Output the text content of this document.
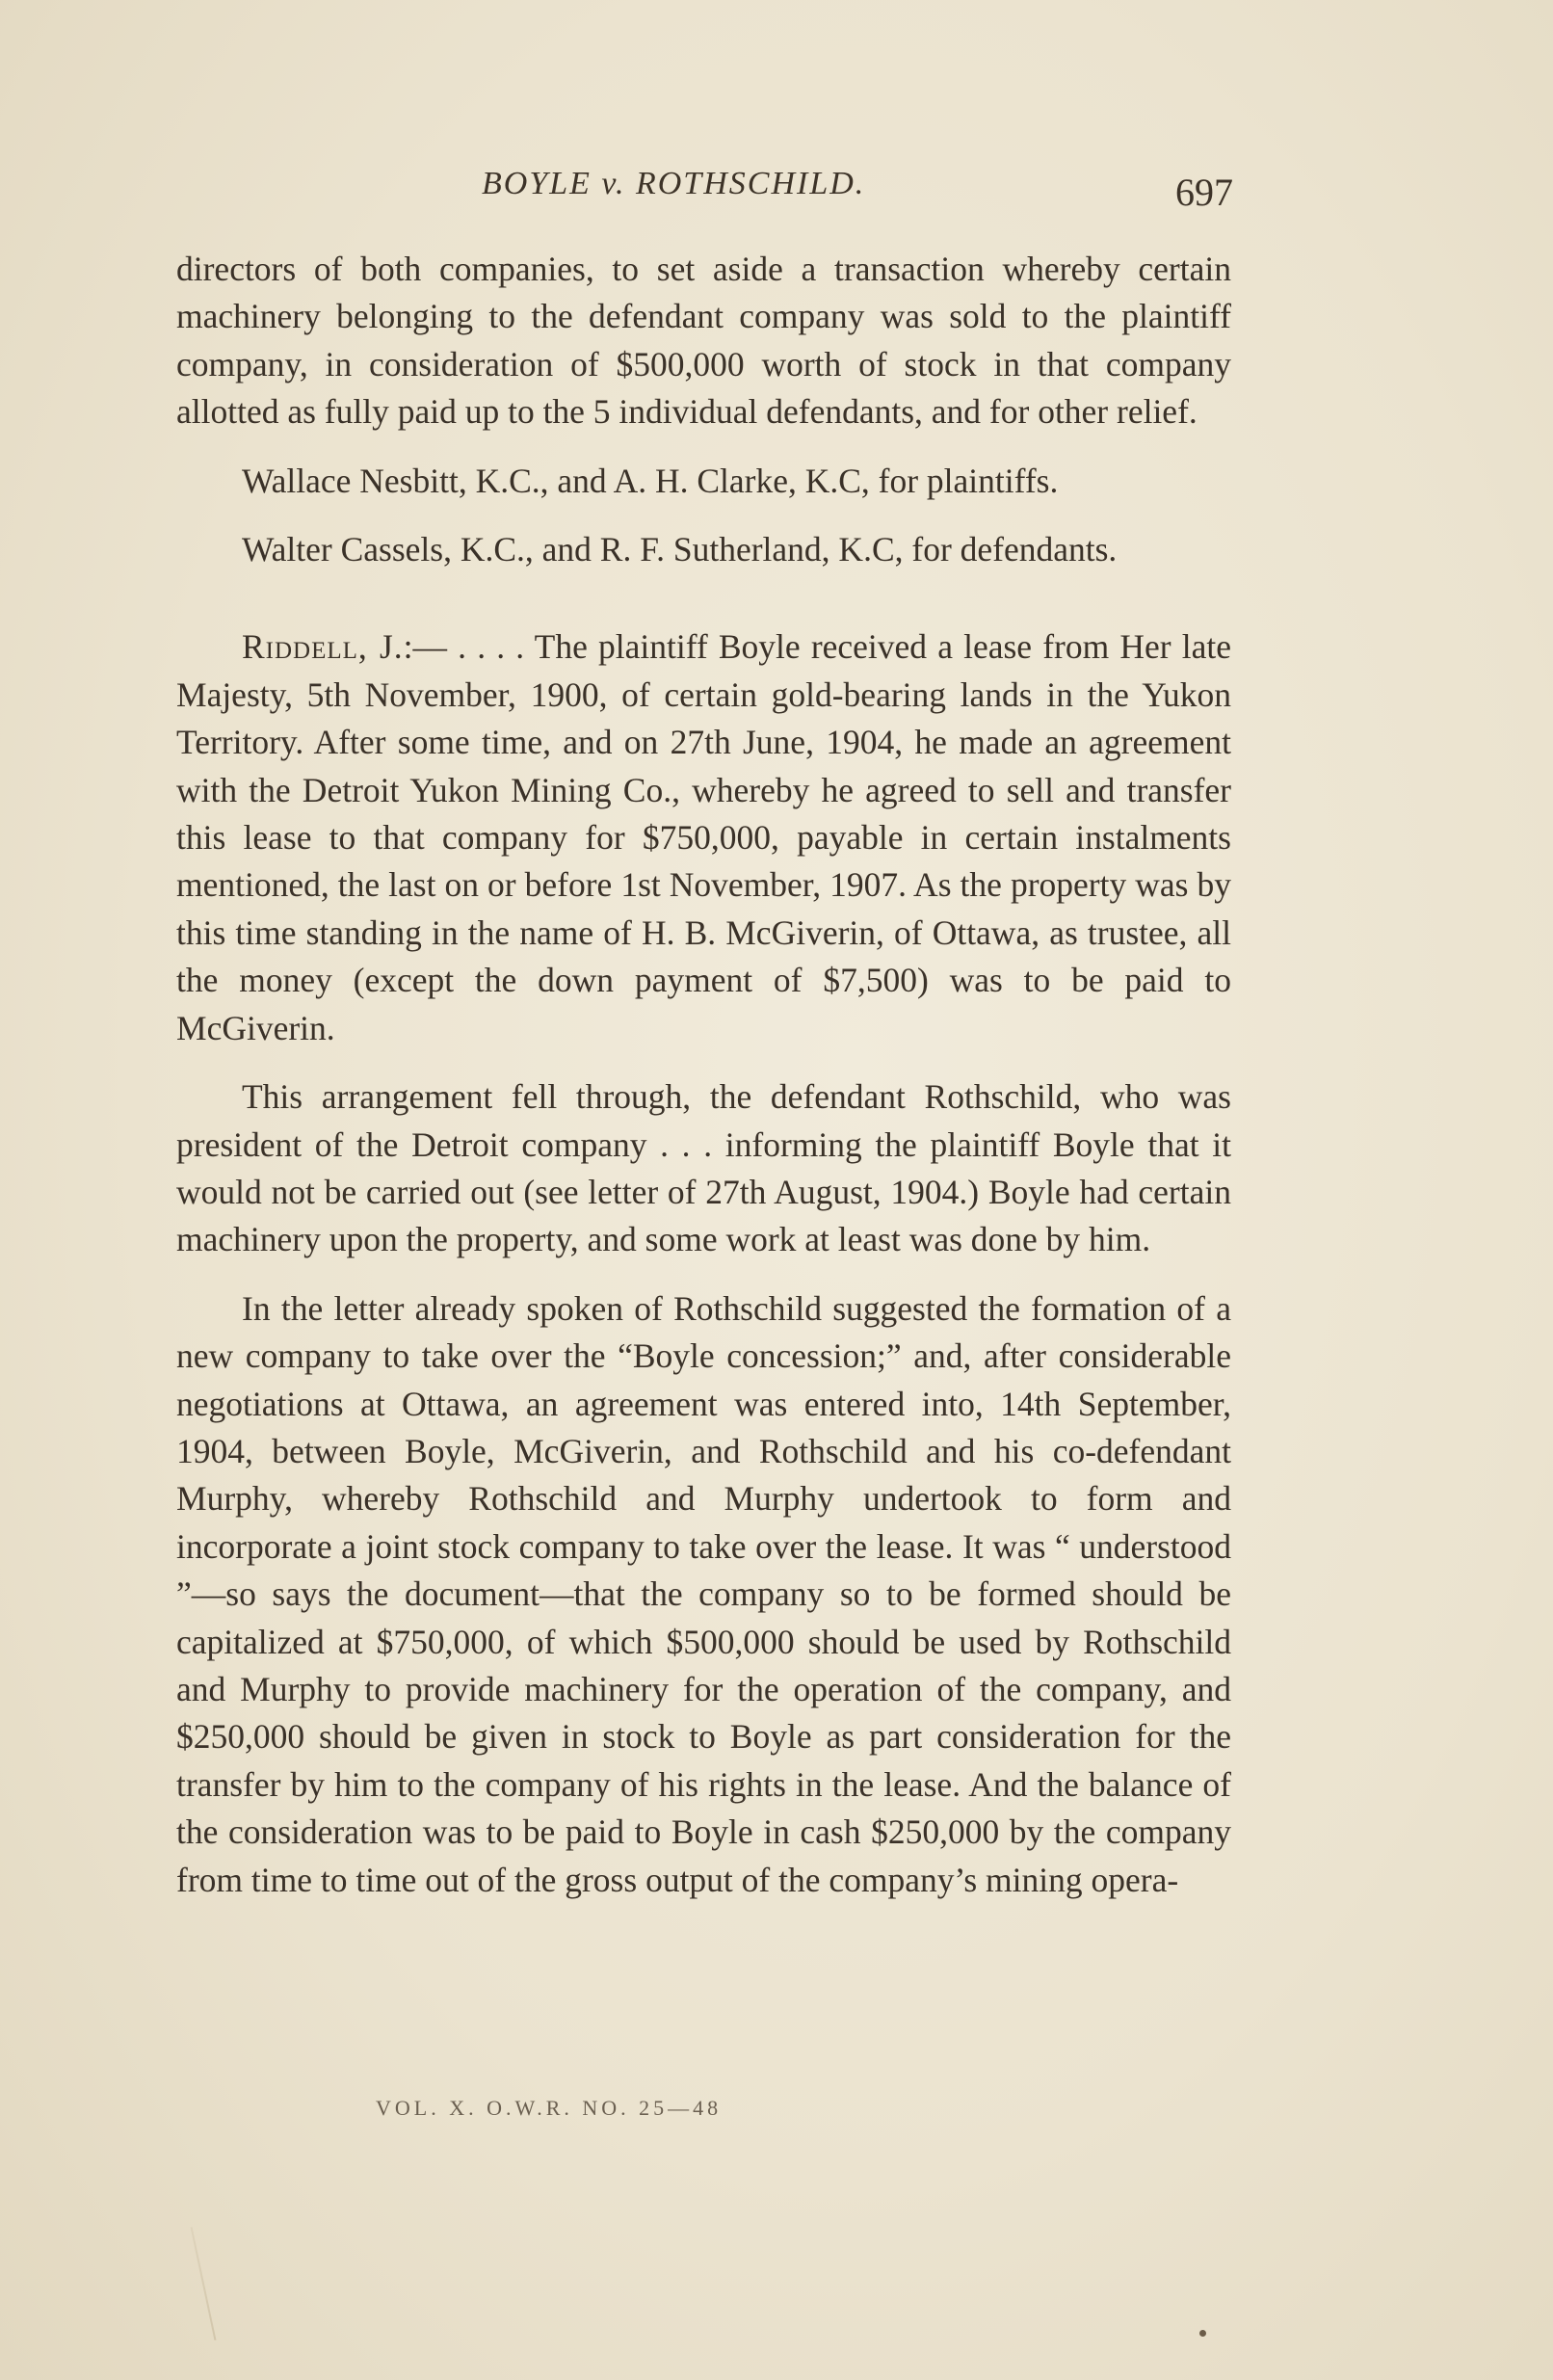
BOYLE v. ROTHSCHILD.	697

directors of both companies, to set aside a transaction whereby certain machinery belonging to the defendant company was sold to the plaintiff company, in consideration of $500,000 worth of stock in that company allotted as fully paid up to the 5 individual defendants, and for other relief.

Wallace Nesbitt, K.C., and A. H. Clarke, K.C, for plaintiffs.

Walter Cassels, K.C., and R. F. Sutherland, K.C, for defendants.

Riddell, J.:— . . . . The plaintiff Boyle received a lease from Her late Majesty, 5th November, 1900, of certain gold-bearing lands in the Yukon Territory. After some time, and on 27th June, 1904, he made an agreement with the Detroit Yukon Mining Co., whereby he agreed to sell and transfer this lease to that company for $750,000, payable in certain instalments mentioned, the last on or before 1st November, 1907. As the property was by this time standing in the name of H. B. McGiverin, of Ottawa, as trustee, all the money (except the down payment of $7,500) was to be paid to McGiverin.

This arrangement fell through, the defendant Rothschild, who was president of the Detroit company . . . informing the plaintiff Boyle that it would not be carried out (see letter of 27th August, 1904.) Boyle had certain machinery upon the property, and some work at least was done by him.

In the letter already spoken of Rothschild suggested the formation of a new company to take over the “Boyle concession;” and, after considerable negotiations at Ottawa, an agreement was entered into, 14th September, 1904, between Boyle, McGiverin, and Rothschild and his co-defendant Murphy, whereby Rothschild and Murphy undertook to form and incorporate a joint stock company to take over the lease. It was “ understood ”—so says the document—that the company so to be formed should be capitalized at $750,000, of which $500,000 should be used by Rothschild and Murphy to provide machinery for the operation of the company, and $250,000 should be given in stock to Boyle as part consideration for the transfer by him to the company of his rights in the lease. And the balance of the consideration was to be paid to Boyle in cash $250,000 by the company from time to time out of the gross output of the company’s mining opera-

VOL. X. O.W.R. NO. 25—48
